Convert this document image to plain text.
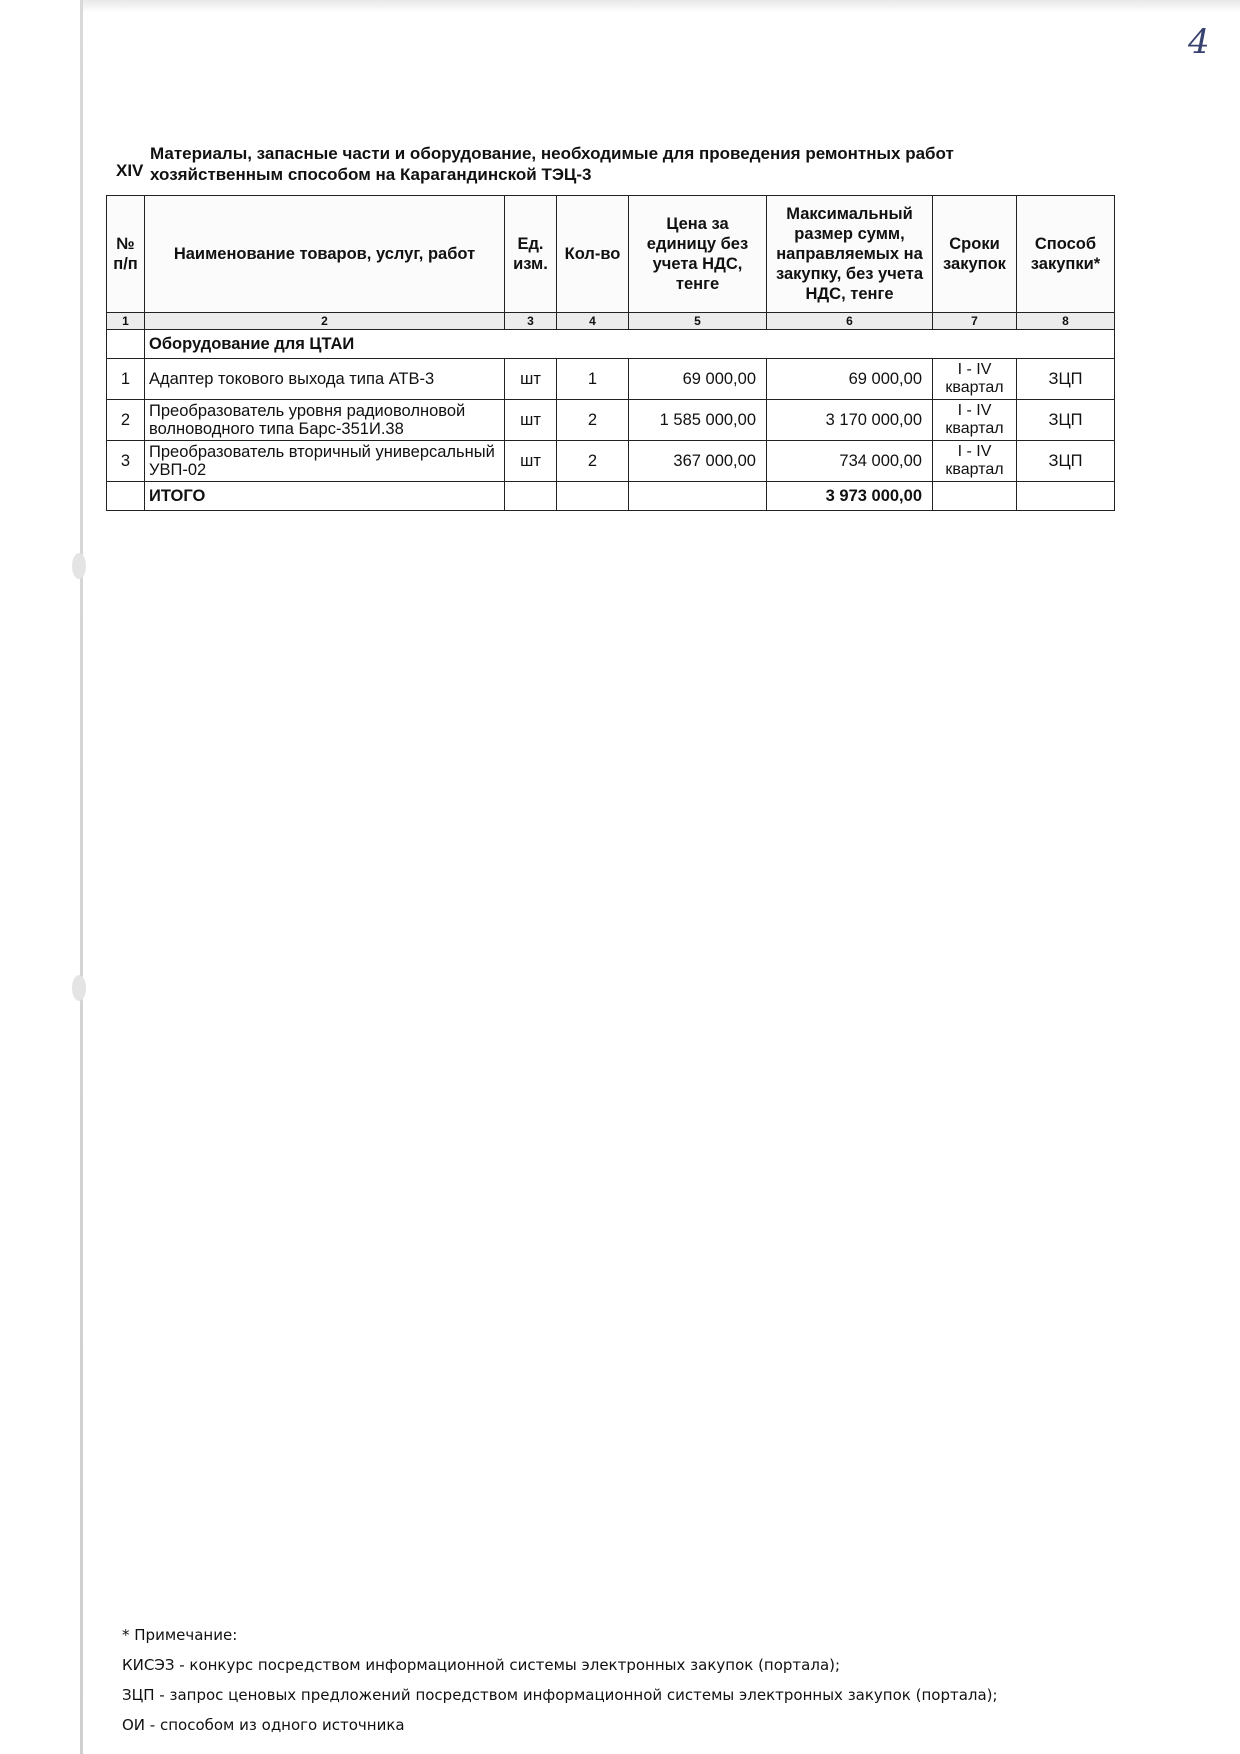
4
XIV
Материалы, запасные части и оборудование, необходимые для проведения ремонтных работ
хозяйственным способом на Карагандинской ТЭЦ-3
№ п/п	Наименование товаров, услуг, работ	Ед. изм.	Кол-во	Цена за единицу без учета НДС, тенге	Максимальный размер сумм, направляемых на закупку, без учета НДС, тенге	Сроки закупок	Способ закупки*
1	2	3	4	5	6	7	8
	Оборудование для ЦТАИ						
1	Адаптер токового выхода типа АТВ-3	шт	1	69 000,00	69 000,00	I - IV квартал	ЗЦП
2	Преобразователь уровня радиоволновой волноводного типа Барс-351И.38	шт	2	1 585 000,00	3 170 000,00	I - IV квартал	ЗЦП
3	Преобразователь вторичный универсальный УВП-02	шт	2	367 000,00	734 000,00	I - IV квартал	ЗЦП
	ИТОГО				3 973 000,00		
* Примечание:
КИСЭЗ - конкурс посредством информационной системы электронных закупок (портала);
ЗЦП - запрос ценовых предложений посредством информационной системы электронных закупок (портала);
ОИ - способом из одного источника
